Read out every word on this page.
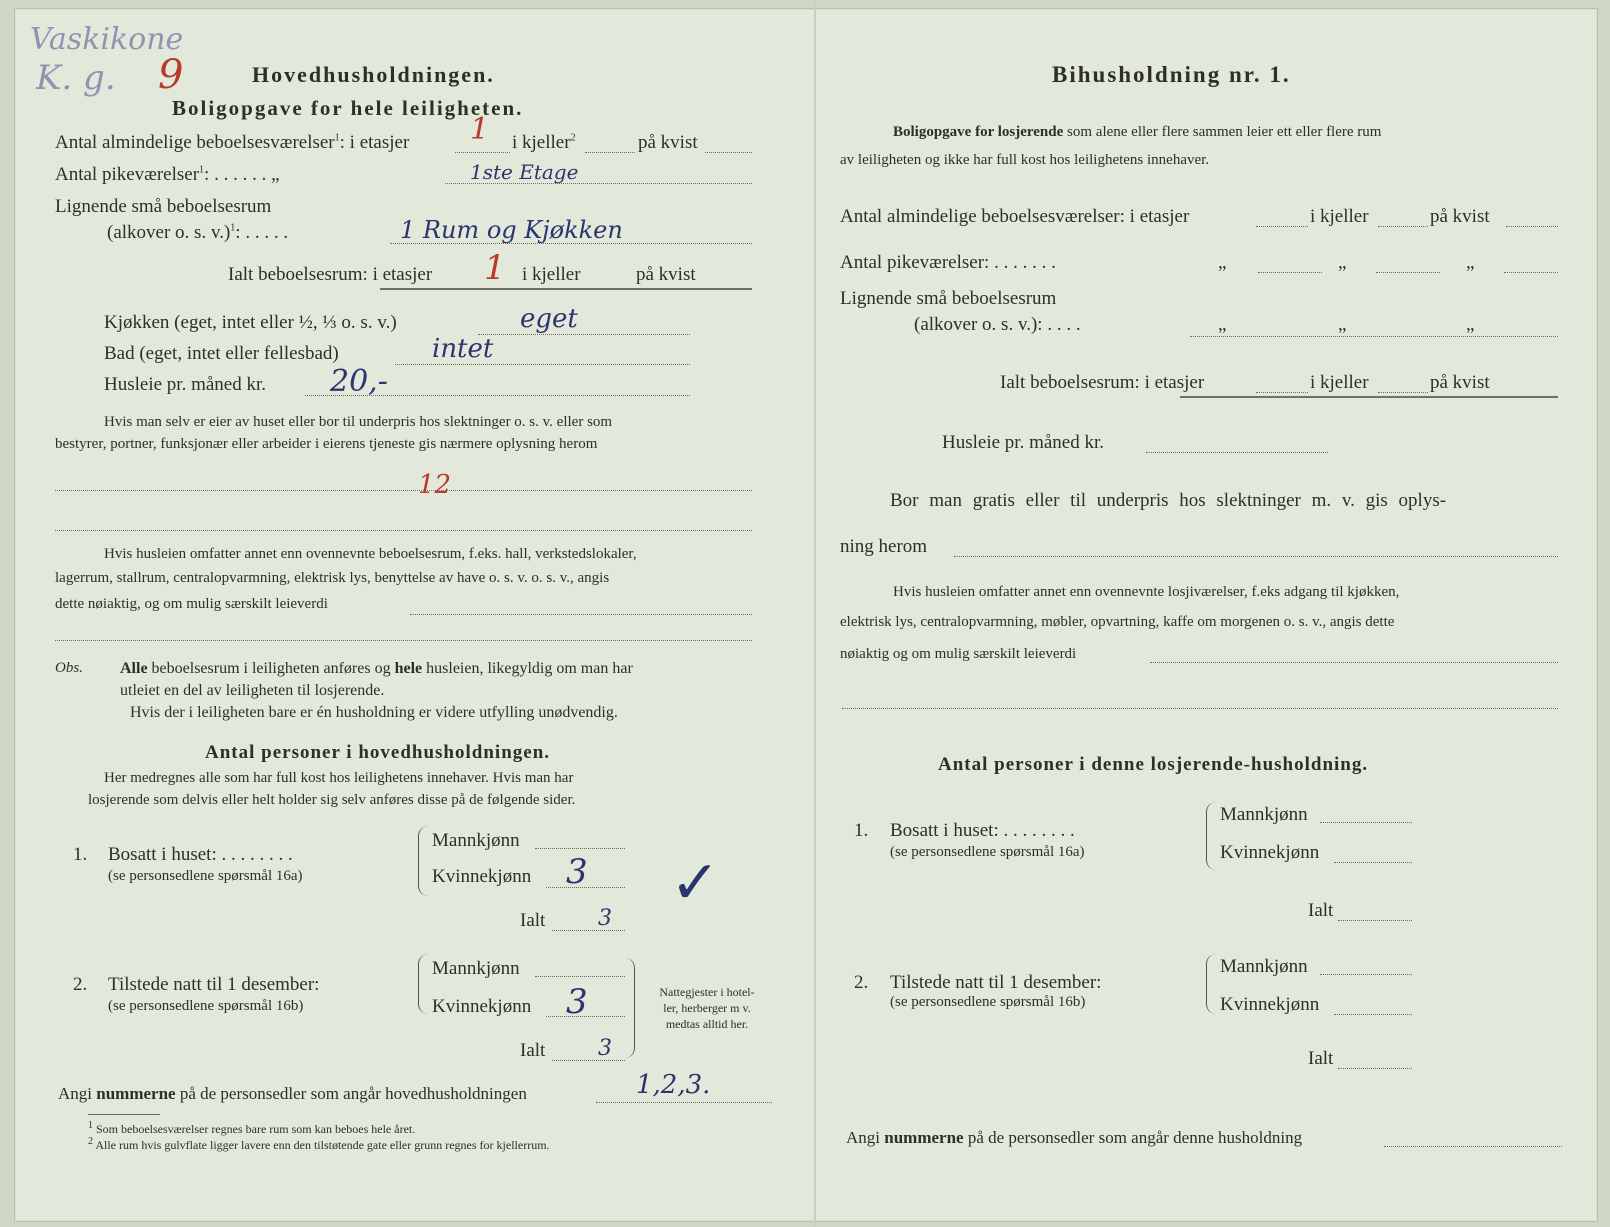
Vaskikone
K. g. 9	Hovedhusholdningen.
Boligopgave for hele leiligheten.
Antal almindelige beboelsesværelser$^1$: i etasjer 1 i kjeller$^2$	på kvist
Antal pikeværelser$^1$: . . . . . . „	1ste Etage
Lignende små beboelsesrum
(alkover o. s. v.)$^1$: . . . . .	1 Rum og Kjøkken
Ialt beboelsesrum: i etasjer 1 i kjeller	på kvist
Kjøkken (eget, intet eller ½, ⅓ o. s. v.)	eget
Bad (eget, intet eller fellesbad)	intet
Husleie pr. måned kr. 20,-
Hvis man selv er eier av huset eller bor til underpris hos slektninger o. s. v. eller som
bestyrer, portner, funksjonær eller arbeider i eierens tjeneste gis nærmere oplysning herom
12
Hvis husleien omfatter annet enn ovennevnte beboelsesrum, f.eks. hall, verkstedslokaler,
lagerrum, stallrum, centralopvarmning, elektrisk lys, benyttelse av have o. s. v. o. s. v., angis
dette nøiaktig, og om mulig særskilt leieverdi
Obs. Alle beboelsesrum i leiligheten anføres og hele husleien, likegyldig om man har
utleiet en del av leiligheten til losjerende.
Hvis der i leiligheten bare er én husholdning er videre utfylling unødvendig.
Antal personer i hovedhusholdningen.
Her medregnes alle som har full kost hos leilighetens innehaver. Hvis man har
losjerende som delvis eller helt holder sig selv anføres disse på de følgende sider.
1. Bosatt i huset: . . . . . . . .
(se personsedlene spørsmål 16a)
Mannkjønn
Kvinnekjønn 3
Ialt 3
✓
2. Tilstede natt til 1 desember:
(se personsedlene spørsmål 16b)
Mannkjønn
Kvinnekjønn 3
Ialt 3
Nattegjester i hotel-
ler, herberger m v.
medtas alltid her.
Angi nummerne på de personsedler som angår hovedhusholdningen	1,2,3.
$^1$ Som beboelsesværelser regnes bare rum som kan beboes hele året.
$^2$ Alle rum hvis gulvflate ligger lavere enn den tilstøtende gate eller grunn regnes for kjellerrum.
Bihusholdning nr. 1.
Boligopgave for losjerende som alene eller flere sammen leier ett eller flere rum
av leiligheten og ikke har full kost hos leilighetens innehaver.
Antal almindelige beboelsesværelser: i etasjer	i kjeller	på kvist
Antal pikeværelser: . . . . . . .	„	„	„
Lignende små beboelsesrum
(alkover o. s. v.): . . . .	„	„	„
Ialt beboelsesrum: i etasjer	i kjeller	på kvist
Husleie pr. måned kr.
Bor man gratis eller til underpris hos slektninger m. v. gis oplys-
ning herom
Hvis husleien omfatter annet enn ovennevnte losjiværelser, f.eks adgang til kjøkken,
elektrisk lys, centralopvarmning, møbler, opvartning, kaffe om morgenen o. s. v., angis dette
nøiaktig og om mulig særskilt leieverdi
Antal personer i denne losjerende-husholdning.
1. Bosatt i huset: . . . . . . . .
(se personsedlene spørsmål 16a)
Mannkjønn
Kvinnekjønn
Ialt
2. Tilstede natt til 1 desember:
(se personsedlene spørsmål 16b)
Mannkjønn
Kvinnekjønn
Ialt
Angi nummerne på de personsedler som angår denne husholdning
